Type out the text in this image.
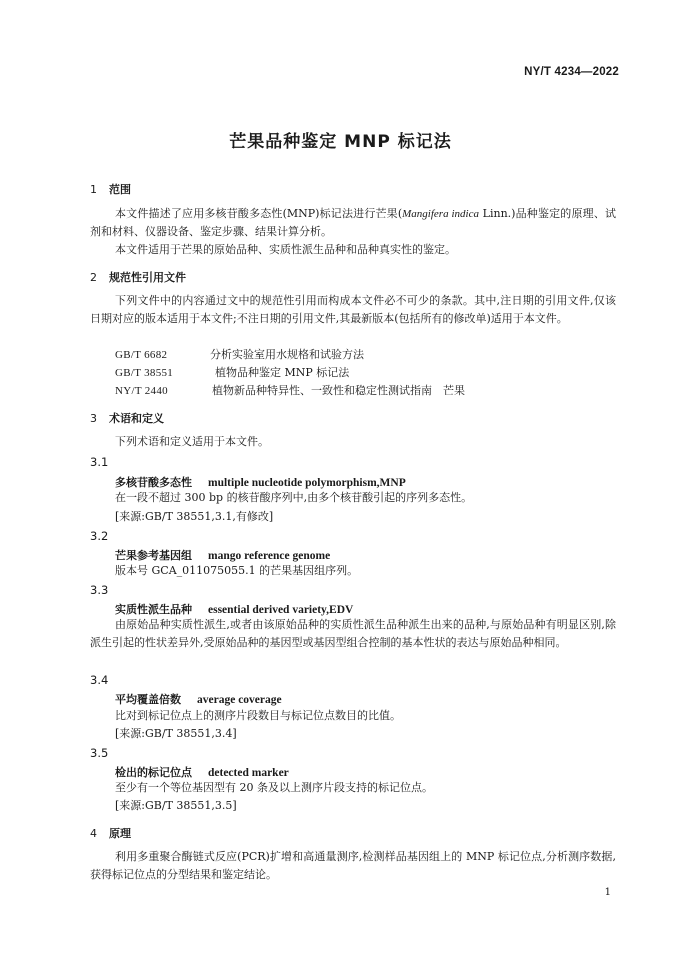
NY/T 4234—2022
芒果品种鉴定 MNP 标记法
1 范围
本文件描述了应用多核苷酸多态性(MNP)标记法进行芒果(Mangifera indica Linn.)品种鉴定的原理、试剂和材料、仪器设备、鉴定步骤、结果计算分析。
本文件适用于芒果的原始品种、实质性派生品种和品种真实性的鉴定。
2 规范性引用文件
下列文件中的内容通过文中的规范性引用而构成本文件必不可少的条款。其中,注日期的引用文件,仅该日期对应的版本适用于本文件;不注日期的引用文件,其最新版本(包括所有的修改单)适用于本文件。
GB/T 6682	分析实验室用水规格和试验方法
GB/T 38551	植物品种鉴定 MNP 标记法
NY/T 2440	植物新品种特异性、一致性和稳定性测试指南　芒果
3 术语和定义
下列术语和定义适用于本文件。
3.1
多核苷酸多态性 multiple nucleotide polymorphism,MNP
在一段不超过 300 bp 的核苷酸序列中,由多个核苷酸引起的序列多态性。
[来源:GB/T 38551,3.1,有修改]
3.2
芒果参考基因组 mango reference genome
版本号 GCA_011075055.1 的芒果基因组序列。
3.3
实质性派生品种 essential derived variety,EDV
由原始品种实质性派生,或者由该原始品种的实质性派生品种派生出来的品种,与原始品种有明显区别,除派生引起的性状差异外,受原始品种的基因型或基因型组合控制的基本性状的表达与原始品种相同。
3.4
平均覆盖倍数 average coverage
比对到标记位点上的测序片段数目与标记位点数目的比值。
[来源:GB/T 38551,3.4]
3.5
检出的标记位点 detected marker
至少有一个等位基因型有 20 条及以上测序片段支持的标记位点。
[来源:GB/T 38551,3.5]
4 原理
利用多重聚合酶链式反应(PCR)扩增和高通量测序,检测样品基因组上的 MNP 标记位点,分析测序数据,获得标记位点的分型结果和鉴定结论。
1
